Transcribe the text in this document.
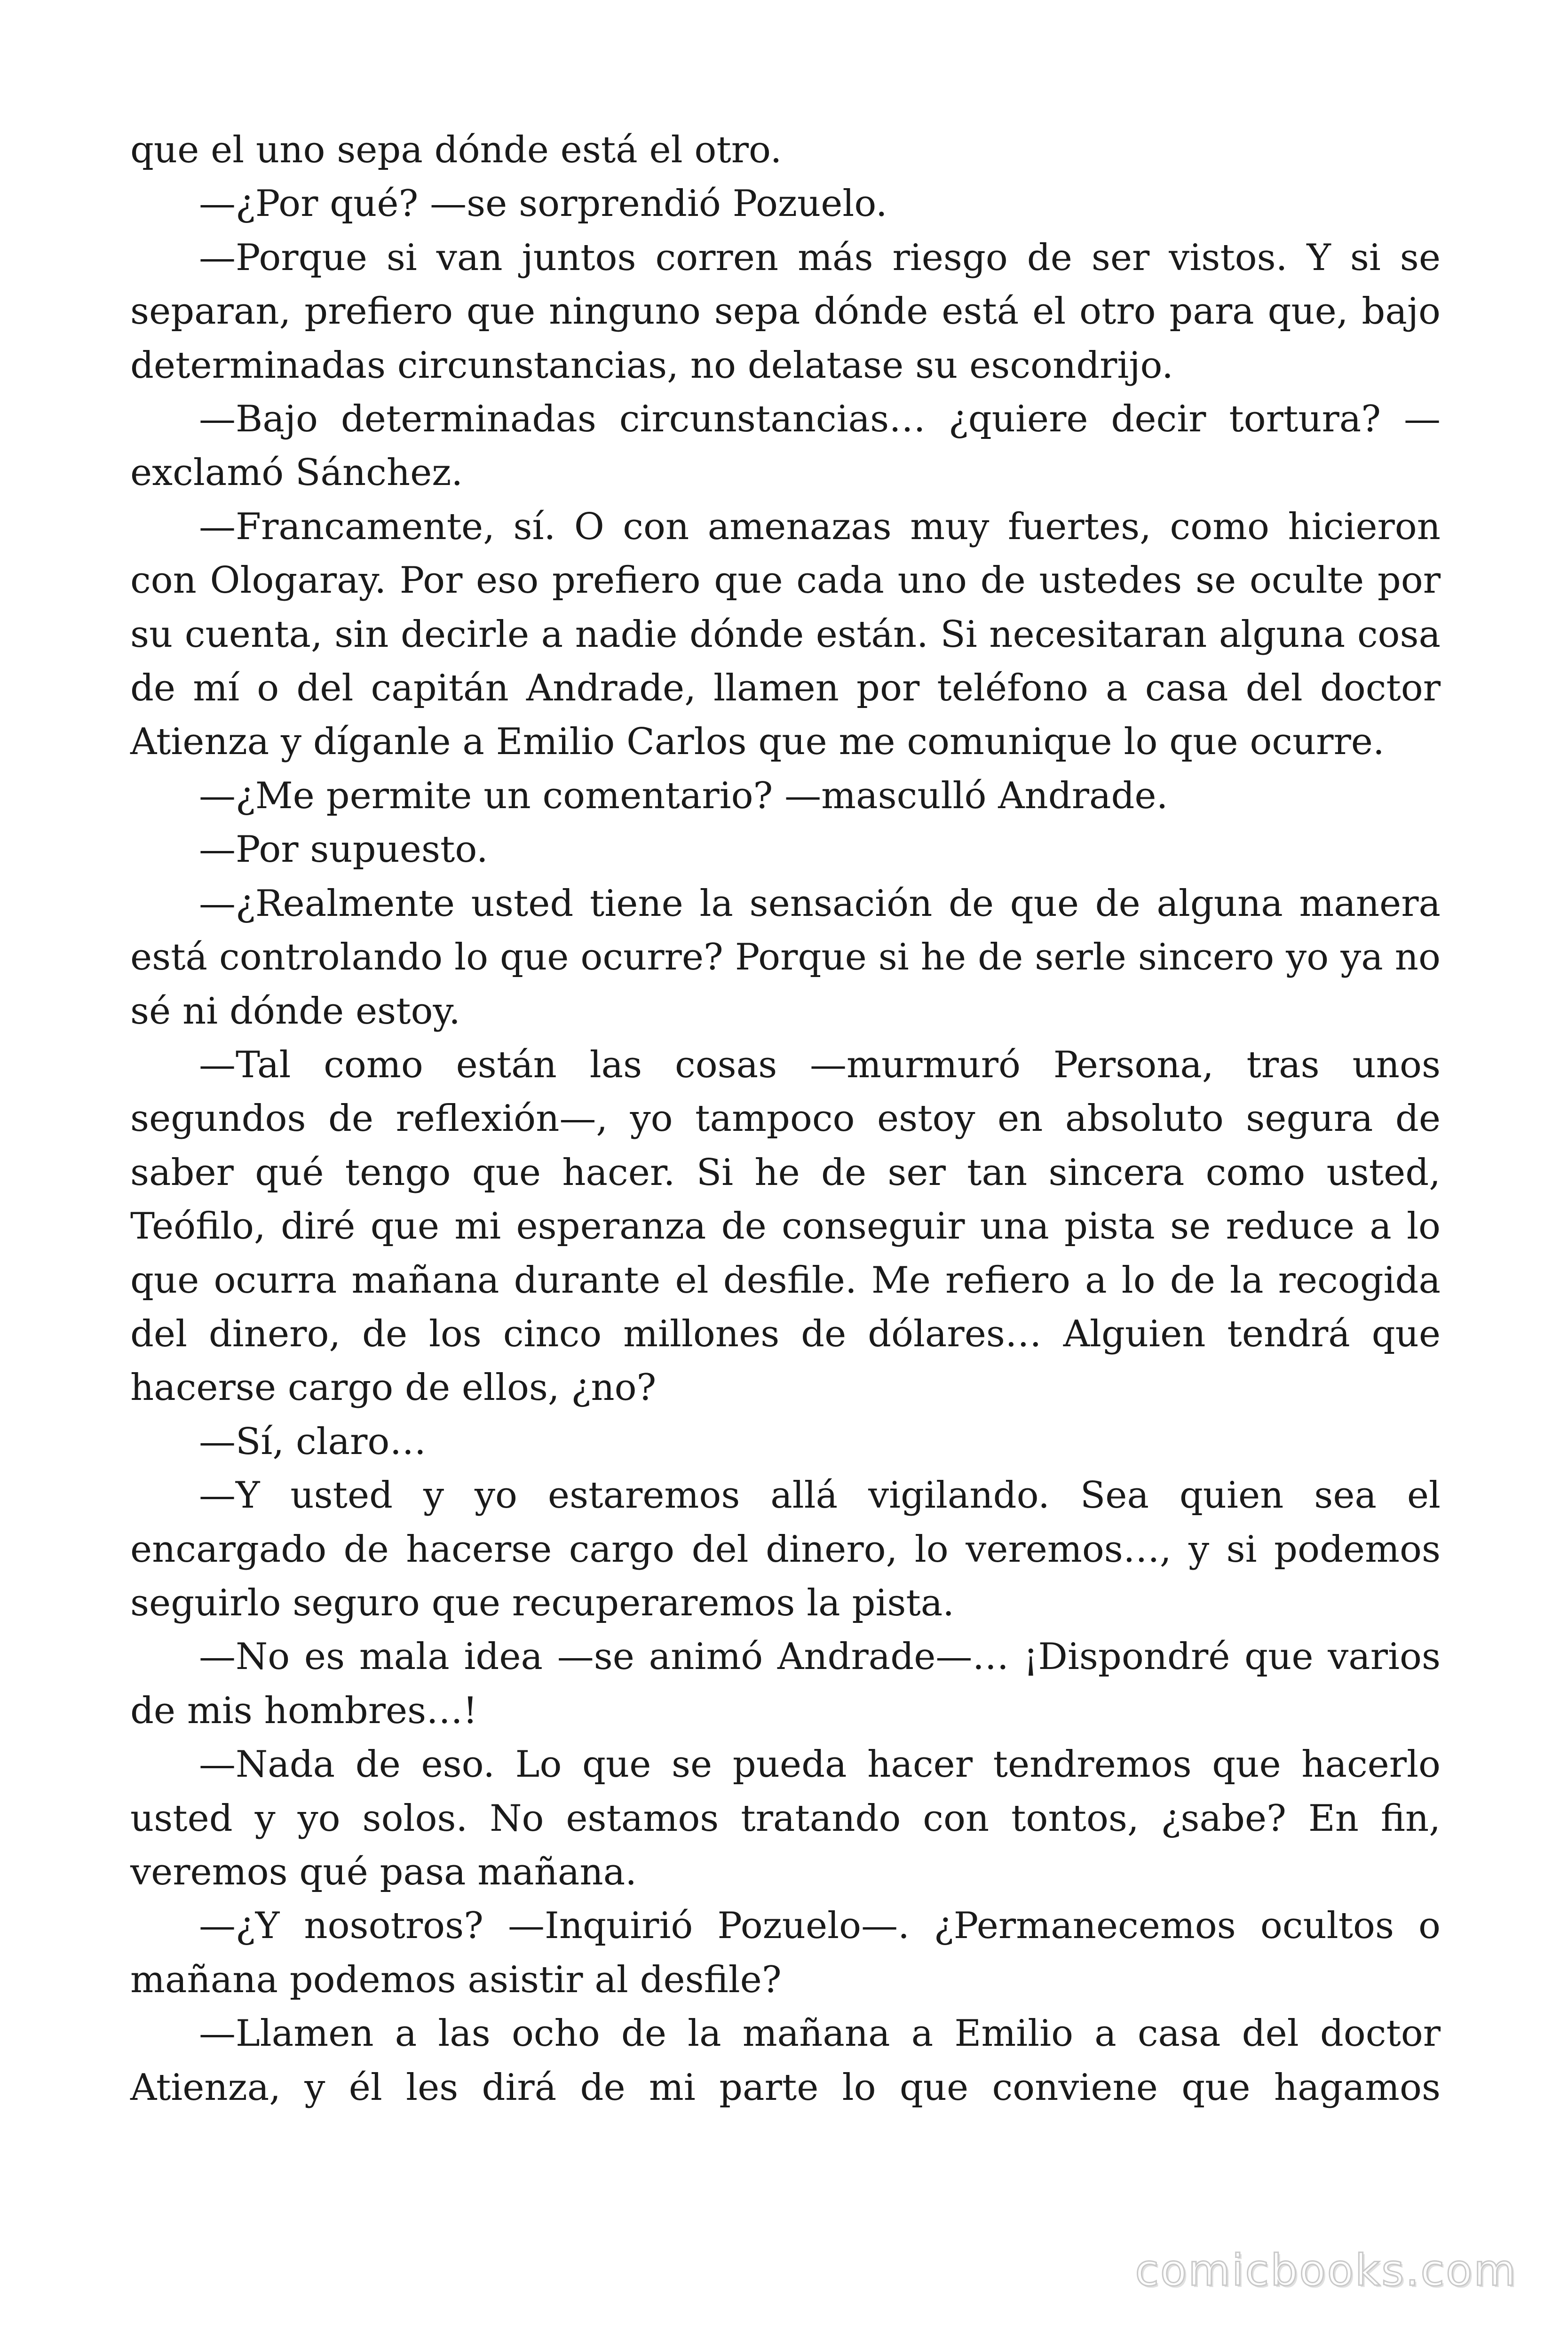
que el uno sepa dónde está el otro.

—¿Por qué? —se sorprendió Pozuelo.

—Porque si van juntos corren más riesgo de ser vistos. Y si se separan, prefiero que ninguno sepa dónde está el otro para que, bajo determinadas circunstancias, no delatase su escondrijo.

—Bajo determinadas circunstancias… ¿quiere decir tortura? —exclamó Sánchez.

—Francamente, sí. O con amenazas muy fuertes, como hicieron con Ologaray. Por eso prefiero que cada uno de ustedes se oculte por su cuenta, sin decirle a nadie dónde están. Si necesitaran alguna cosa de mí o del capitán Andrade, llamen por teléfono a casa del doctor Atienza y díganle a Emilio Carlos que me comunique lo que ocurre.

—¿Me permite un comentario? —mascullό Andrade.

—Por supuesto.

—¿Realmente usted tiene la sensación de que de alguna manera está controlando lo que ocurre? Porque si he de serle sincero yo ya no sé ni dónde estoy.

—Tal como están las cosas —murmuró Persona, tras unos segundos de reflexión—, yo tampoco estoy en absoluto segura de saber qué tengo que hacer. Si he de ser tan sincera como usted, Teófilo, diré que mi esperanza de conseguir una pista se reduce a lo que ocurra mañana durante el desfile. Me refiero a lo de la recogida del dinero, de los cinco millones de dólares… Alguien tendrá que hacerse cargo de ellos, ¿no?

—Sí, claro…

—Y usted y yo estaremos allá vigilando. Sea quien sea el encargado de hacerse cargo del dinero, lo veremos…, y si podemos seguirlo seguro que recuperaremos la pista.

—No es mala idea —se animó Andrade—… ¡Dispondré que varios de mis hombres…!

—Nada de eso. Lo que se pueda hacer tendremos que hacerlo usted y yo solos. No estamos tratando con tontos, ¿sabe? En fin, veremos qué pasa mañana.

—¿Y nosotros? —Inquirió Pozuelo—. ¿Permanecemos ocultos o mañana podemos asistir al desfile?

—Llamen a las ocho de la mañana a Emilio a casa del doctor Atienza, y él les dirá de mi parte lo que conviene que hagamos

comicbooks.com
